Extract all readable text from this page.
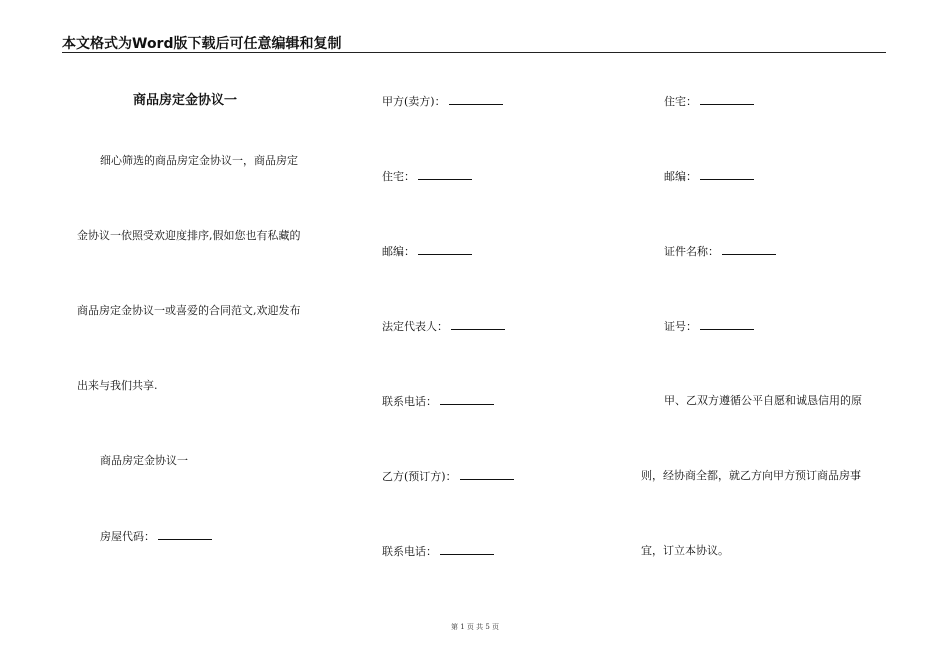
本文格式为Word版下载后可任意编辑和复制
商品房定金协议一
细心筛选的商品房定金协议一，商品房定
金协议一依照受欢迎度排序,假如您也有私藏的
商品房定金协议一或喜爱的合同范文,欢迎发布
出来与我们共享.
商品房定金协议一
房屋代码：
甲方(卖方)：
住宅：
邮编：
法定代表人：
联系电话：
乙方(预订方)：
联系电话：
住宅：
邮编：
证件名称：
证号：
甲、乙双方遵循公平自愿和诚恳信用的原
则，经协商全都，就乙方向甲方预订商品房事
宜，订立本协议。
第 1 页 共 5 页
